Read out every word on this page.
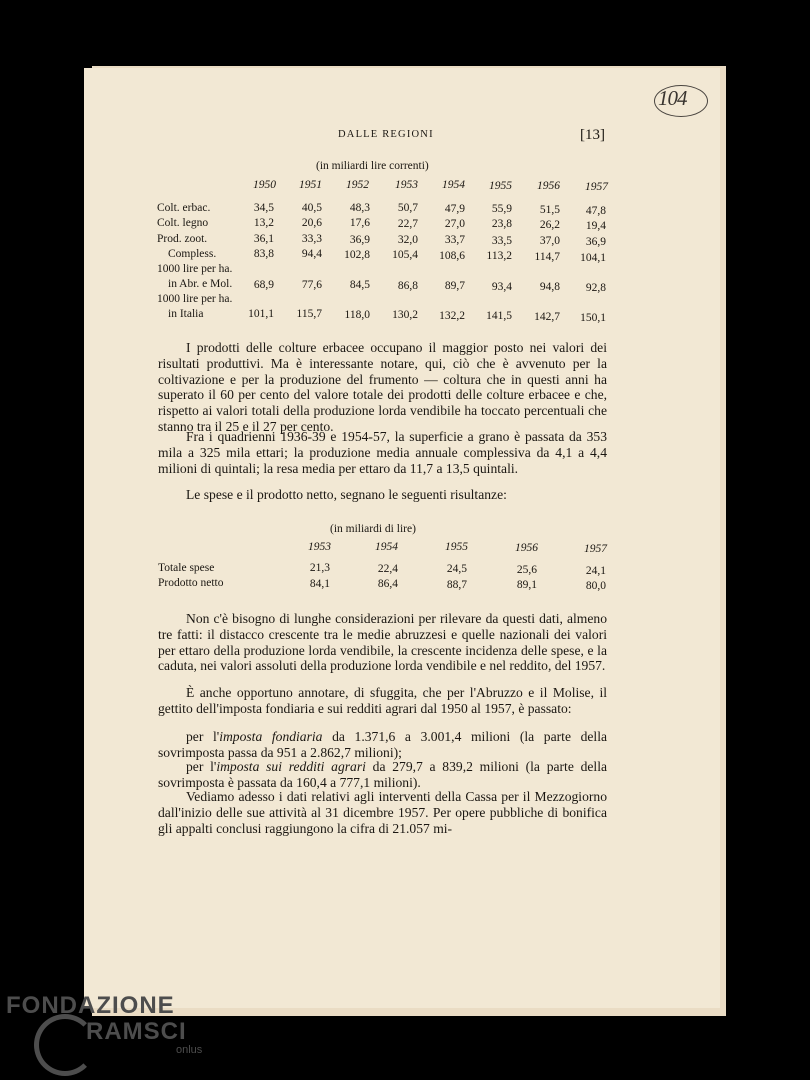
104
DALLE REGIONI	[13]
(in miliardi lire correnti)
1950	1951	1952	1953	1954	1955	1956	1957
Colt. erbac.	34,5	40,5	48,3	50,7	47,9	55,9	51,5	47,8
Colt. legno	13,2	20,6	17,6	22,7	27,0	23,8	26,2	19,4
Prod. zoot.	36,1	33,3	36,9	32,0	33,7	33,5	37,0	36,9
Compless.	83,8	94,4	102,8	105,4	108,6	113,2	114,7	104,1
1000 lire per ha.
in Abr. e Mol.	68,9	77,6	84,5	86,8	89,7	93,4	94,8	92,8
1000 lire per ha.
in Italia	101,1	115,7	118,0	130,2	132,2	141,5	142,7	150,1

I prodotti delle colture erbacee occupano il maggior posto nei valori dei risultati produttivi. Ma è interessante notare, qui, ciò che è avvenuto per la coltivazione e per la produzione del frumento — coltura che in questi anni ha superato il 60 per cento del valore totale dei prodotti delle colture erbacee e che, rispetto ai valori totali della produzione lorda vendibile ha toccato percentuali che stanno tra il 25 e il 27 per cento.

Fra i quadrienni 1936-39 e 1954-57, la superficie a grano è passata da 353 mila a 325 mila ettari; la produzione media annuale complessiva da 4,1 a 4,4 milioni di quintali; la resa media per ettaro da 11,7 a 13,5 quintali.

Le spese e il prodotto netto, segnano le seguenti risultanze:

(in miliardi di lire)
1953	1954	1955	1956	1957
Totale spese	21,3	22,4	24,5	25,6	24,1
Prodotto netto	84,1	86,4	88,7	89,1	80,0

Non c'è bisogno di lunghe considerazioni per rilevare da questi dati, almeno tre fatti: il distacco crescente tra le medie abruzzesi e quelle nazionali dei valori per ettaro della produzione lorda vendibile, la crescente incidenza delle spese, e la caduta, nei valori assoluti della produzione lorda vendibile e nel reddito, del 1957.

È anche opportuno annotare, di sfuggita, che per l'Abruzzo e il Molise, il gettito dell'imposta fondiaria e sui redditi agrari dal 1950 al 1957, è passato:

per l'imposta fondiaria da 1.371,6 a 3.001,4 milioni (la parte della sovrimposta passa da 951 a 2.862,7 milioni);

per l'imposta sui redditi agrari da 279,7 a 839,2 milioni (la parte della sovrimposta è passata da 160,4 a 777,1 milioni).

Vediamo adesso i dati relativi agli interventi della Cassa per il Mezzogiorno dall'inizio delle sue attività al 31 dicembre 1957. Per opere pubbliche di bonifica gli appalti conclusi raggiungono la cifra di 21.057 mi-

FONDAZIONE
RAMSCI
onlus
